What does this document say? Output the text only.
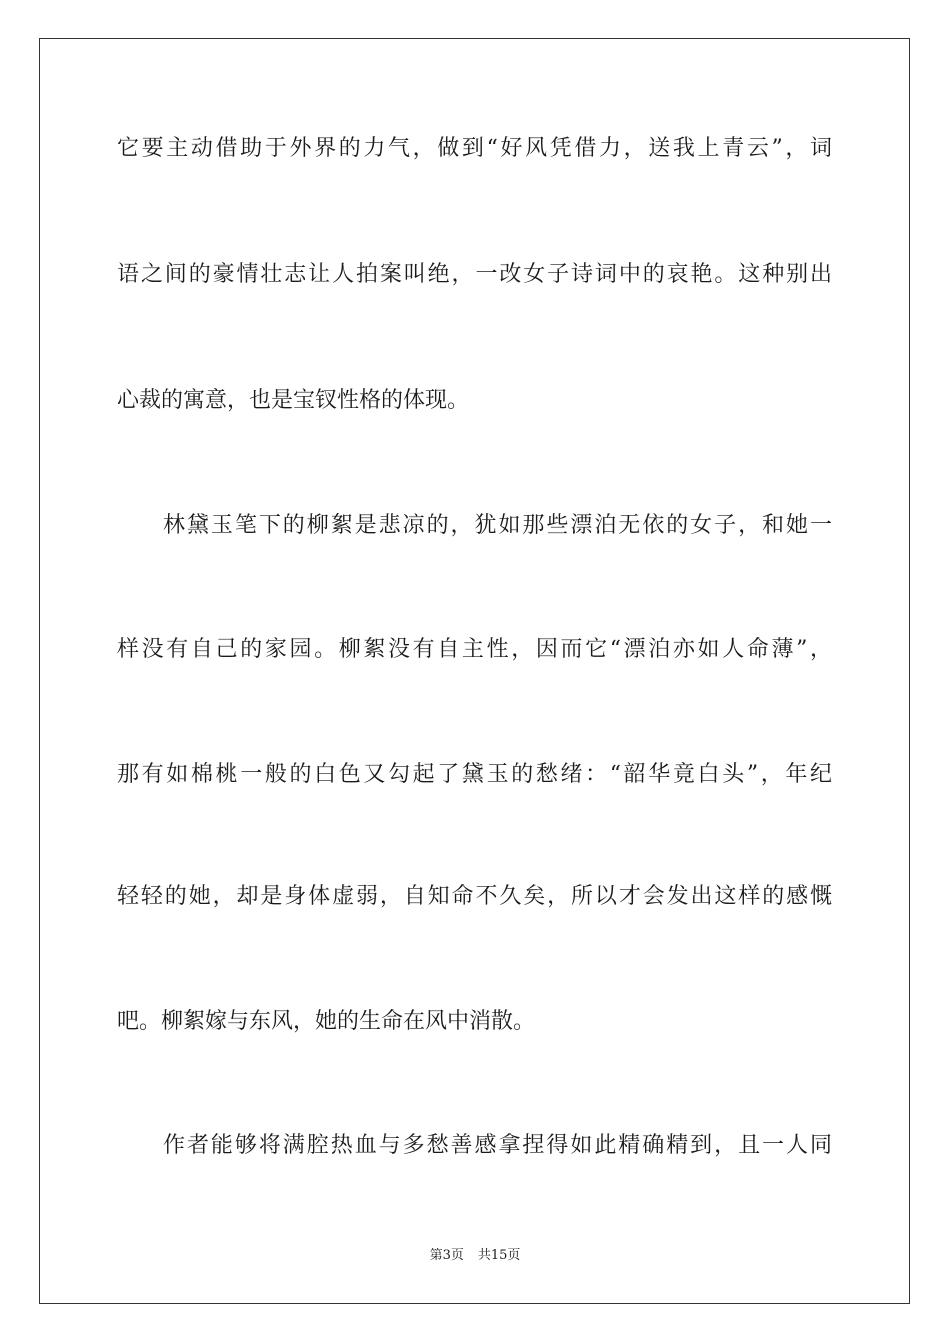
它要主动借助于外界的力气，做到“好风凭借力，送我上青云”，词
语之间的豪情壮志让人拍案叫绝，一改女子诗词中的哀艳。这种别出
心裁的寓意，也是宝钗性格的体现。
林黛玉笔下的柳絮是悲凉的，犹如那些漂泊无依的女子，和她一
样没有自己的家园。柳絮没有自主性，因而它“漂泊亦如人命薄”，
那有如棉桃一般的白色又勾起了黛玉的愁绪：“韶华竟白头”，年纪
轻轻的她，却是身体虚弱，自知命不久矣，所以才会发出这样的感慨
吧。柳絮嫁与东风，她的生命在风中消散。
作者能够将满腔热血与多愁善感拿捏得如此精确精到，且一人同
第3页 共15页
